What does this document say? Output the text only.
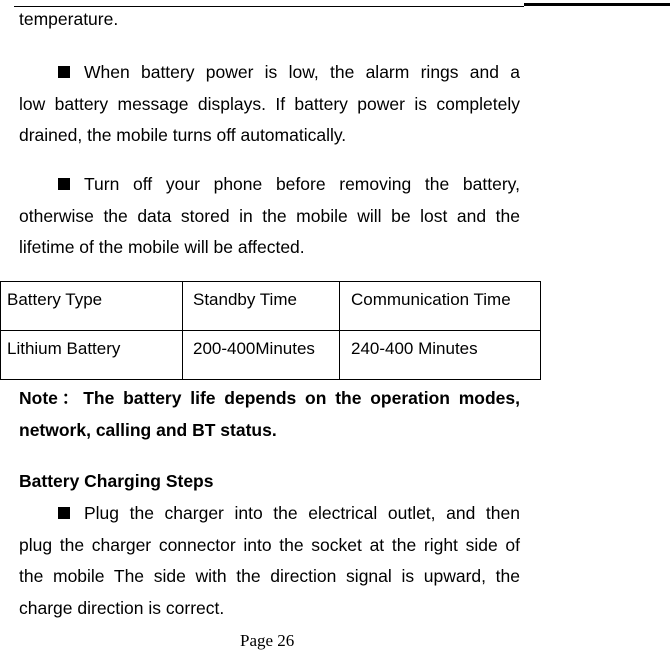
temperature.
When battery power is low, the alarm rings and a
low battery message displays. If battery power is completely
drained, the mobile turns off automatically.
Turn off your phone before removing the battery,
otherwise the data stored in the mobile will be lost and the
lifetime of the mobile will be affected.
Battery Type	Standby Time	Communication Time
Lithium Battery	200-400Minutes	240-400 Minutes
Note：The battery life depends on the operation modes,
network, calling and BT status.
Battery Charging Steps
Plug the charger into the electrical outlet, and then
plug the charger connector into the socket at the right side of
the mobile The side with the direction signal is upward, the
charge direction is correct.
Page 26
